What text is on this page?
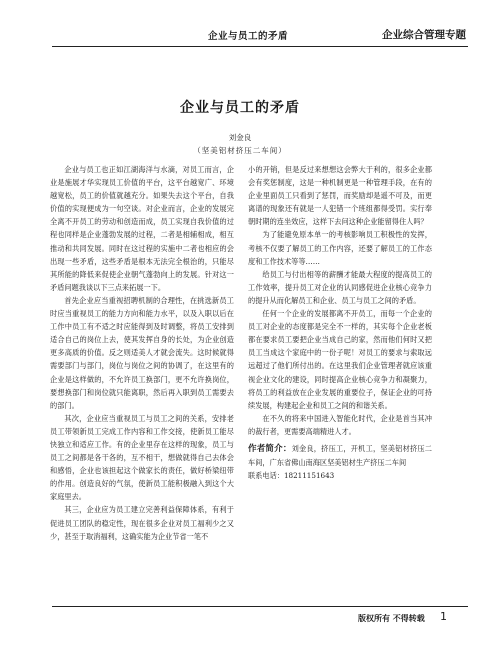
企业与员工的矛盾	企业综合管理专题
企业与员工的矛盾
刘金良
（坚美铝材挤压二车间）

企业与员工也正如江湖海洋与水滴，对员工而言，企业是施展才华实现员工价值的平台，这平台越宽广、环境越宽松，员工的价值就越充分。如果失去这个平台，自我价值的实现便成为一句空谈。对企业而言，企业的发展完全离不开员工的劳动和创造而成，员工实现自我价值的过程也同样是企业蓬勃发展的过程，二者是相辅相成，相互推动和共同发展。同时在这过程的实施中二者也相应的会出现一些矛盾，这些矛盾是根本无法完全根治的，只能尽其所能的降低来促使企业朝气蓬勃向上的发展。针对这一矛盾问题我谈以下三点来拓展一下。

首先企业应当重视招聘机制的合理性，在挑选新员工时应当重视员工的能力方向和能力水平，以及入职以后在工作中员工有不适之时应能得到及时调整，将员工安排到适合自己的岗位上去，使其发挥自身的长处，为企业创造更多高质的价值。反之则适美人才就会流失。这时候就得需要部门与部门，岗位与岗位之间的协调了，在这里有的企业是这样做的，不允许员工换部门，更不允许换岗位，要想换部门和岗位就只能离职，然后再入职到员工需要去的部门。

其次，企业应当重视员工与员工之间的关系，安排老员工带领新员工完成工作内容和工作交接，使新员工能尽快独立和适应工作。有的企业里存在这样的现象，员工与员工之间都是各干各的，互不相干，想做就得自己去体会和感悟，企业也该担起这个做家长的责任，做好桥梁纽带的作用。创造良好的气氛，使新员工能积极融入到这个大家庭里去。

其三，企业应为员工建立完善利益保障体系，有利于促进员工团队的稳定性，现在很多企业对员工福利少之又少，甚至于取消福利，这确实能为企业节省一笔不

小的开销，但是反过来想想这会弊大于利的，很多企业都会有奖惩制度，这是一种机制更是一种管理手段，在有的企业里面员工只看到了惩罚，而奖励却是遥不可及，而更离谱的现象还有就是一人犯错一个班组都得受罚。实行奉朝时期的连坐效应，这样下去问这种企业能留得住人吗？

为了能避免原本单一的考核影响员工积极性的发挥，考核不仅要了解员工的工作内容，还要了解员工的工作态度和工作技术等等……

给员工与付出相等的薪酬才能最大程度的提高员工的工作效率，提升员工对企业的认同感促进企业核心竞争力的提升从而化解员工和企业、员工与员工之间的矛盾。

任何一个企业的发展都离不开员工，而每一个企业的员工对企业的态度都是完全不一样的，其实每个企业老板都在要求员工要把企业当成自己的家，然而他们何时又把员工当成这个家庭中的一份子呢！对员工的要求与索取远远超过了他们所付出的。在这里我们企业管理者就应该重视企业文化的建设，同时提高企业核心竞争力和凝聚力，将员工的利益放在企业发展的重要位子，保证企业的可持续发展，构建起企业和员工之间的和谐关系。

在不久的将来中国进入智能化时代，企业是首当其冲的裁行者，更需要高端精进人才。

作者简介：刘金良，挤压工，开机工，坚美铝材挤压二车间，广东省佛山南海区坚美铝材生产挤压二车间

联系电话：18211151643

版权所有 不得转载 1
